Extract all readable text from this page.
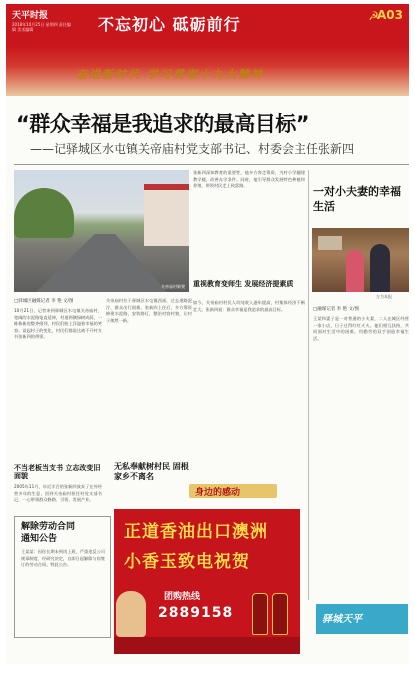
天平时报
2018年10月25日 星期四 责任编辑 美术编辑	不忘初心 砥砺前行	☭
A03
奋进新时代 学习贯彻十九大精神
“群众幸福是我追求的最高目标”
——记驿城区水屯镇关帝庙村党支部书记、村委会主任张新四
关帝庙村新貌
□驿城区融媒记者 李 艳 文/图
10月21日，记者来到驿城区水屯镇关帝庙村，宽阔的水泥路笔直延伸，村道两侧绿树成荫，一栋栋新房整齐排列，村民们脸上洋溢着幸福的笑容。谈起村子的变化，村民们都说这离不开村支书张新四的带领。
不当老板当支书 立志改变旧面貌
2005年11月，年近半百的张新四放弃了在外经营多年的生意，回到关帝庙村担任村党支部书记，一心带领群众修路、引资、发展产业。
关帝庙村位于驿城区水屯镇西部，过去道路泥泞，群众出行困难。张新四上任后，多方筹资修建水泥路，安装路灯，整治村容村貌，让村子焕然一新。
张新四深知教育的重要性，他多方奔走筹资，为村小学翻建教学楼，改善办学条件。同时，他引导群众发展特色种植和养殖，带领村民走上致富路。
重视教育变师生 发展经济提素质
如今，关帝庙村村民人均纯收入逐年提高，村集体经济不断壮大。张新四说：群众幸福是我追求的最高目标。
无私奉献树村民 固根家乡不离名
身边的感动
一对小夫妻的幸福生活
左为本报
□融媒记者 李 艳 文/图
王某和妻子是一对普通的小夫妻，二人在城区经营一家小店，日子过得红红火火。他们相互扶持，共同面对生活中的困难，用勤劳的双手创造幸福生活。
解除劳动合同
通知公告
王某某：因你长期未到岗上班，严重违反公司规章制度，经研究决定，自即日起解除与你签订的劳动合同。特此公告。
正道香油出口澳洲
小香玉致电祝贺
团购热线
2889158	驿城天平
